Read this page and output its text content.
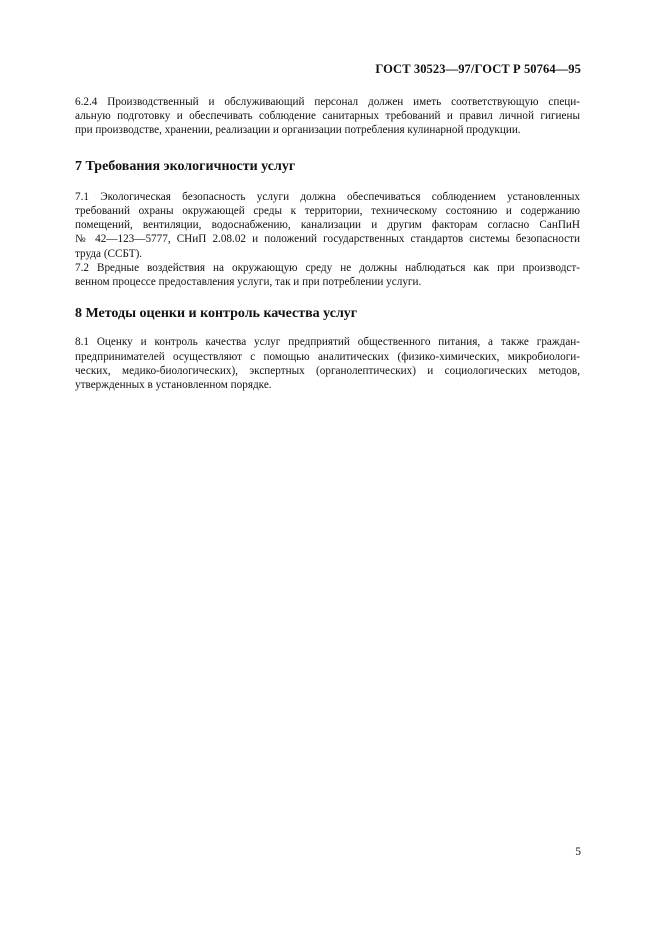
ГОСТ 30523—97/ГОСТ Р 50764—95
6.2.4 Производственный и обслуживающий персонал должен иметь соответствующую специ-
альную подготовку и обеспечивать соблюдение санитарных требований и правил личной гигиены
при производстве, хранении, реализации и организации потребления кулинарной продукции.
7 Требования экологичности услуг
7.1 Экологическая безопасность услуги должна обеспечиваться соблюдением установленных
требований охраны окружающей среды к территории, техническому состоянию и содержанию
помещений, вентиляции, водоснабжению, канализации и другим факторам согласно СанПиН
№ 42—123—5777, СНиП 2.08.02 и положений государственных стандартов системы безопасности
труда (ССБТ).
7.2 Вредные воздействия на окружающую среду не должны наблюдаться как при производст-
венном процессе предоставления услуги, так и при потреблении услуги.
8 Методы оценки и контроль качества услуг
8.1 Оценку и контроль качества услуг предприятий общественного питания, а также граждан-
предпринимателей осуществляют с помощью аналитических (физико-химических, микробиологи-
ческих, медико-биологических), экспертных (органолептических) и социологических методов,
утвержденных в установленном порядке.
5
